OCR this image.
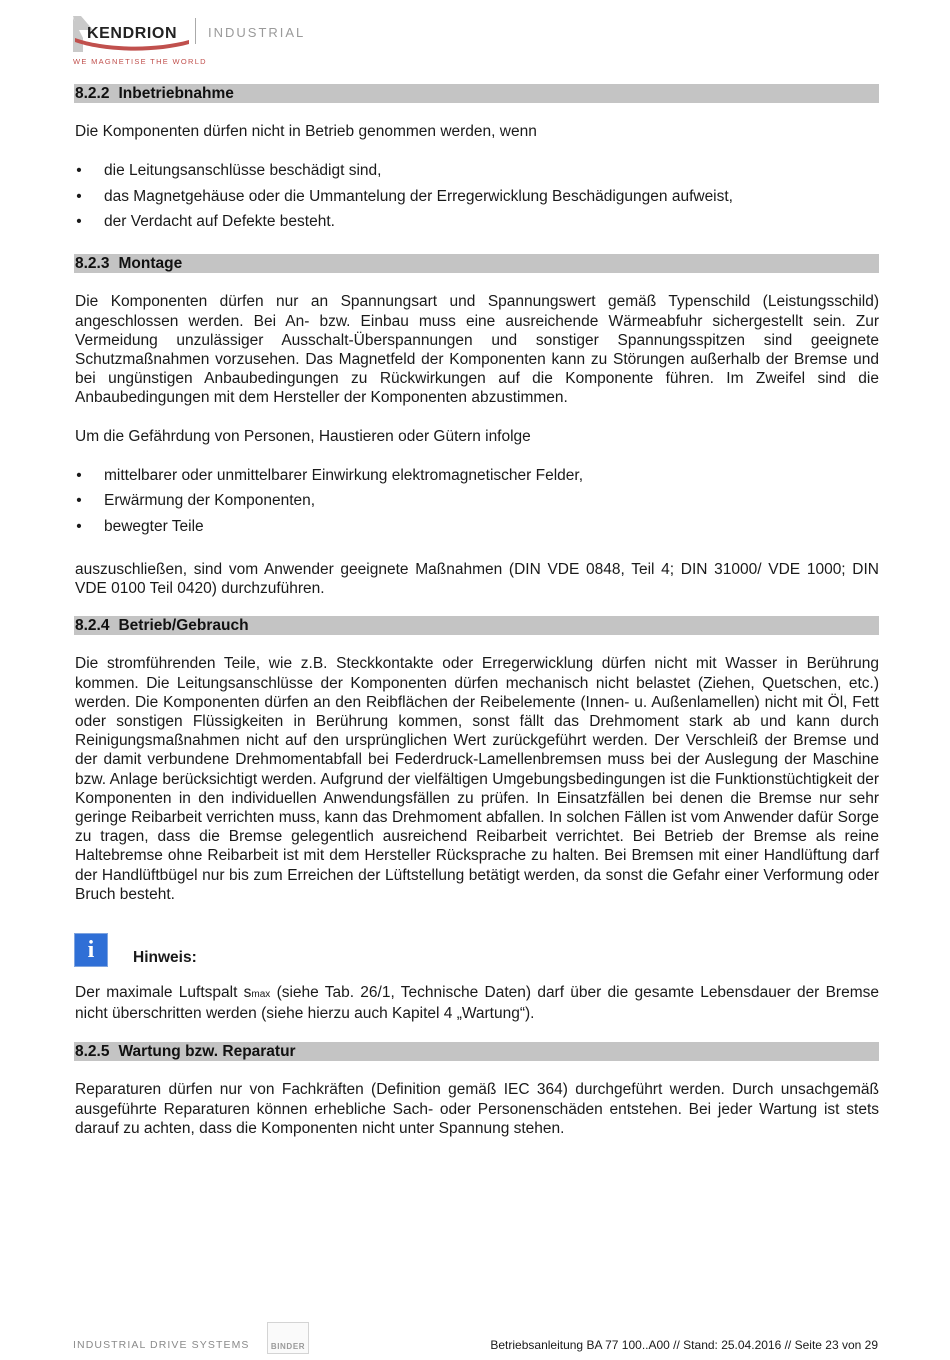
KENDRION INDUSTRIAL
WE MAGNETISE THE WORLD
8.2.2 Inbetriebnahme

Die Komponenten dürfen nicht in Betrieb genommen werden, wenn

• die Leitungsanschlüsse beschädigt sind,
• das Magnetgehäuse oder die Ummantelung der Erregerwicklung Beschädigungen aufweist,
• der Verdacht auf Defekte besteht.
8.2.3 Montage

Die Komponenten dürfen nur an Spannungsart und Spannungswert gemäß Typenschild (Leistungsschild) angeschlossen werden. Bei An- bzw. Einbau muss eine ausreichende Wärmeabfuhr sichergestellt sein. Zur Vermeidung unzulässiger Ausschalt-Überspannungen und sonstiger Spannungsspitzen sind geeignete Schutzmaßnahmen vorzusehen. Das Magnetfeld der Komponenten kann zu Störungen außerhalb der Bremse und bei ungünstigen Anbaubedingungen zu Rückwirkungen auf die Komponente führen. Im Zweifel sind die Anbaubedingungen mit dem Hersteller der Komponenten abzustimmen.

Um die Gefährdung von Personen, Haustieren oder Gütern infolge

• mittelbarer oder unmittelbarer Einwirkung elektromagnetischer Felder,
• Erwärmung der Komponenten,
• bewegter Teile

auszuschließen, sind vom Anwender geeignete Maßnahmen (DIN VDE 0848, Teil 4; DIN 31000/ VDE 1000; DIN VDE 0100 Teil 0420) durchzuführen.

8.2.4 Betrieb/Gebrauch

Die stromführenden Teile, wie z.B. Steckkontakte oder Erregerwicklung dürfen nicht mit Wasser in Berührung kommen. Die Leitungsanschlüsse der Komponenten dürfen mechanisch nicht belastet (Ziehen, Quetschen, etc.) werden. Die Komponenten dürfen an den Reibflächen der Reibelemente (Innen- u. Außenlamellen) nicht mit Öl, Fett oder sonstigen Flüssigkeiten in Berührung kommen, sonst fällt das Drehmoment stark ab und kann durch Reinigungsmaßnahmen nicht auf den ursprünglichen Wert zurückgeführt werden. Der Verschleiß der Bremse und der damit verbundene Drehmomentabfall bei Federdruck-Lamellenbremsen muss bei der Auslegung der Maschine bzw. Anlage berücksichtigt werden. Aufgrund der vielfältigen Umgebungsbedingungen ist die Funktionstüchtigkeit der Komponenten in den individuellen Anwendungsfällen zu prüfen. In Einsatzfällen bei denen die Bremse nur sehr geringe Reibarbeit verrichten muss, kann das Drehmoment abfallen. In solchen Fällen ist vom Anwender dafür Sorge zu tragen, dass die Bremse gelegentlich ausreichend Reibarbeit verrichtet. Bei Betrieb der Bremse als reine Haltebremse ohne Reibarbeit ist mit dem Hersteller Rücksprache zu halten. Bei Bremsen mit einer Handlüftung darf der Handlüftbügel nur bis zum Erreichen der Lüftstellung betätigt werden, da sonst die Gefahr einer Verformung oder Bruch besteht.

i	Hinweis:

Der maximale Luftspalt smax (siehe Tab. 26/1, Technische Daten) darf über die gesamte Lebensdauer der Bremse nicht überschritten werden (siehe hierzu auch Kapitel 4 „Wartung“).

8.2.5 Wartung bzw. Reparatur

Reparaturen dürfen nur von Fachkräften (Definition gemäß IEC 364) durchgeführt werden. Durch unsachgemäß ausgeführte Reparaturen können erhebliche Sach- oder Personenschäden entstehen. Bei jeder Wartung ist stets darauf zu achten, dass die Komponenten nicht unter Spannung stehen.

INDUSTRIAL DRIVE SYSTEMS	BINDER	Betriebsanleitung BA 77 100..A00 // Stand: 25.04.2016 // Seite 23 von 29
